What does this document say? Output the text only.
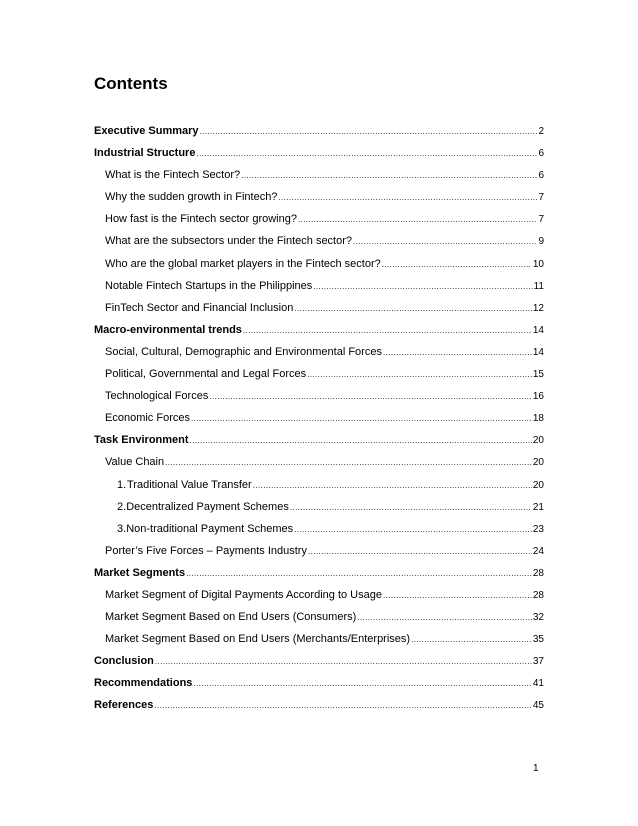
Contents
Executive Summary .....	2
Industrial Structure .....	6
What is the Fintech Sector? .....	6
Why the sudden growth in Fintech? .....	7
How fast is the Fintech sector growing? .....	7
What are the subsectors under the Fintech sector? .....	9
Who are the global market players in the Fintech sector? .....	10
Notable Fintech Startups in the Philippines .....	11
FinTech Sector and Financial Inclusion .....	12
Macro-environmental trends .....	14
Social, Cultural, Demographic and Environmental Forces .....	14
Political, Governmental and Legal Forces .....	15
Technological Forces .....	16
Economic Forces .....	18
Task Environment .....	20
Value Chain .....	20
1. Traditional Value Transfer .....	20
2. Decentralized Payment Schemes .....	21
3. Non-traditional Payment Schemes .....	23
Porter’s Five Forces – Payments Industry .....	24
Market Segments .....	28
Market Segment of Digital Payments According to Usage .....	28
Market Segment Based on End Users (Consumers) .....	32
Market Segment Based on End Users (Merchants/Enterprises) .....	35
Conclusion .....	37
Recommendations .....	41
References .....	45
1
